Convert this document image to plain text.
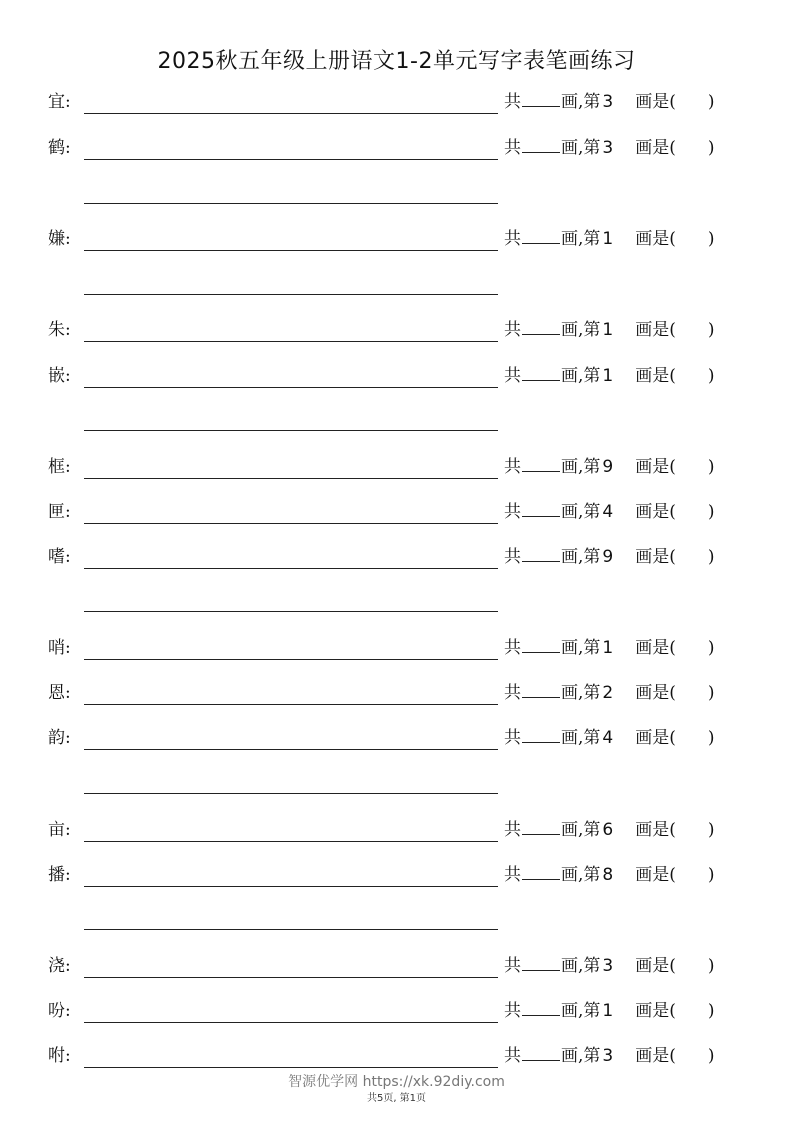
2025秋五年级上册语文1-2单元写字表笔画练习
宜:	共 画,第 3 画是( )
鹤:	共 画,第 3 画是( )
嫌:	共 画,第 1 画是( )
朱:	共 画,第 1 画是( )
嵌:	共 画,第 1 画是( )
框:	共 画,第 9 画是( )
匣:	共 画,第 4 画是( )
嗜:	共 画,第 9 画是( )
哨:	共 画,第 1 画是( )
恩:	共 画,第 2 画是( )
韵:	共 画,第 4 画是( )
亩:	共 画,第 6 画是( )
播:	共 画,第 8 画是( )
浇:	共 画,第 3 画是( )
吩:	共 画,第 1 画是( )
咐:	共 画,第 3 画是( )
智源优学网 https://xk.92diy.com
共5页, 第1页
